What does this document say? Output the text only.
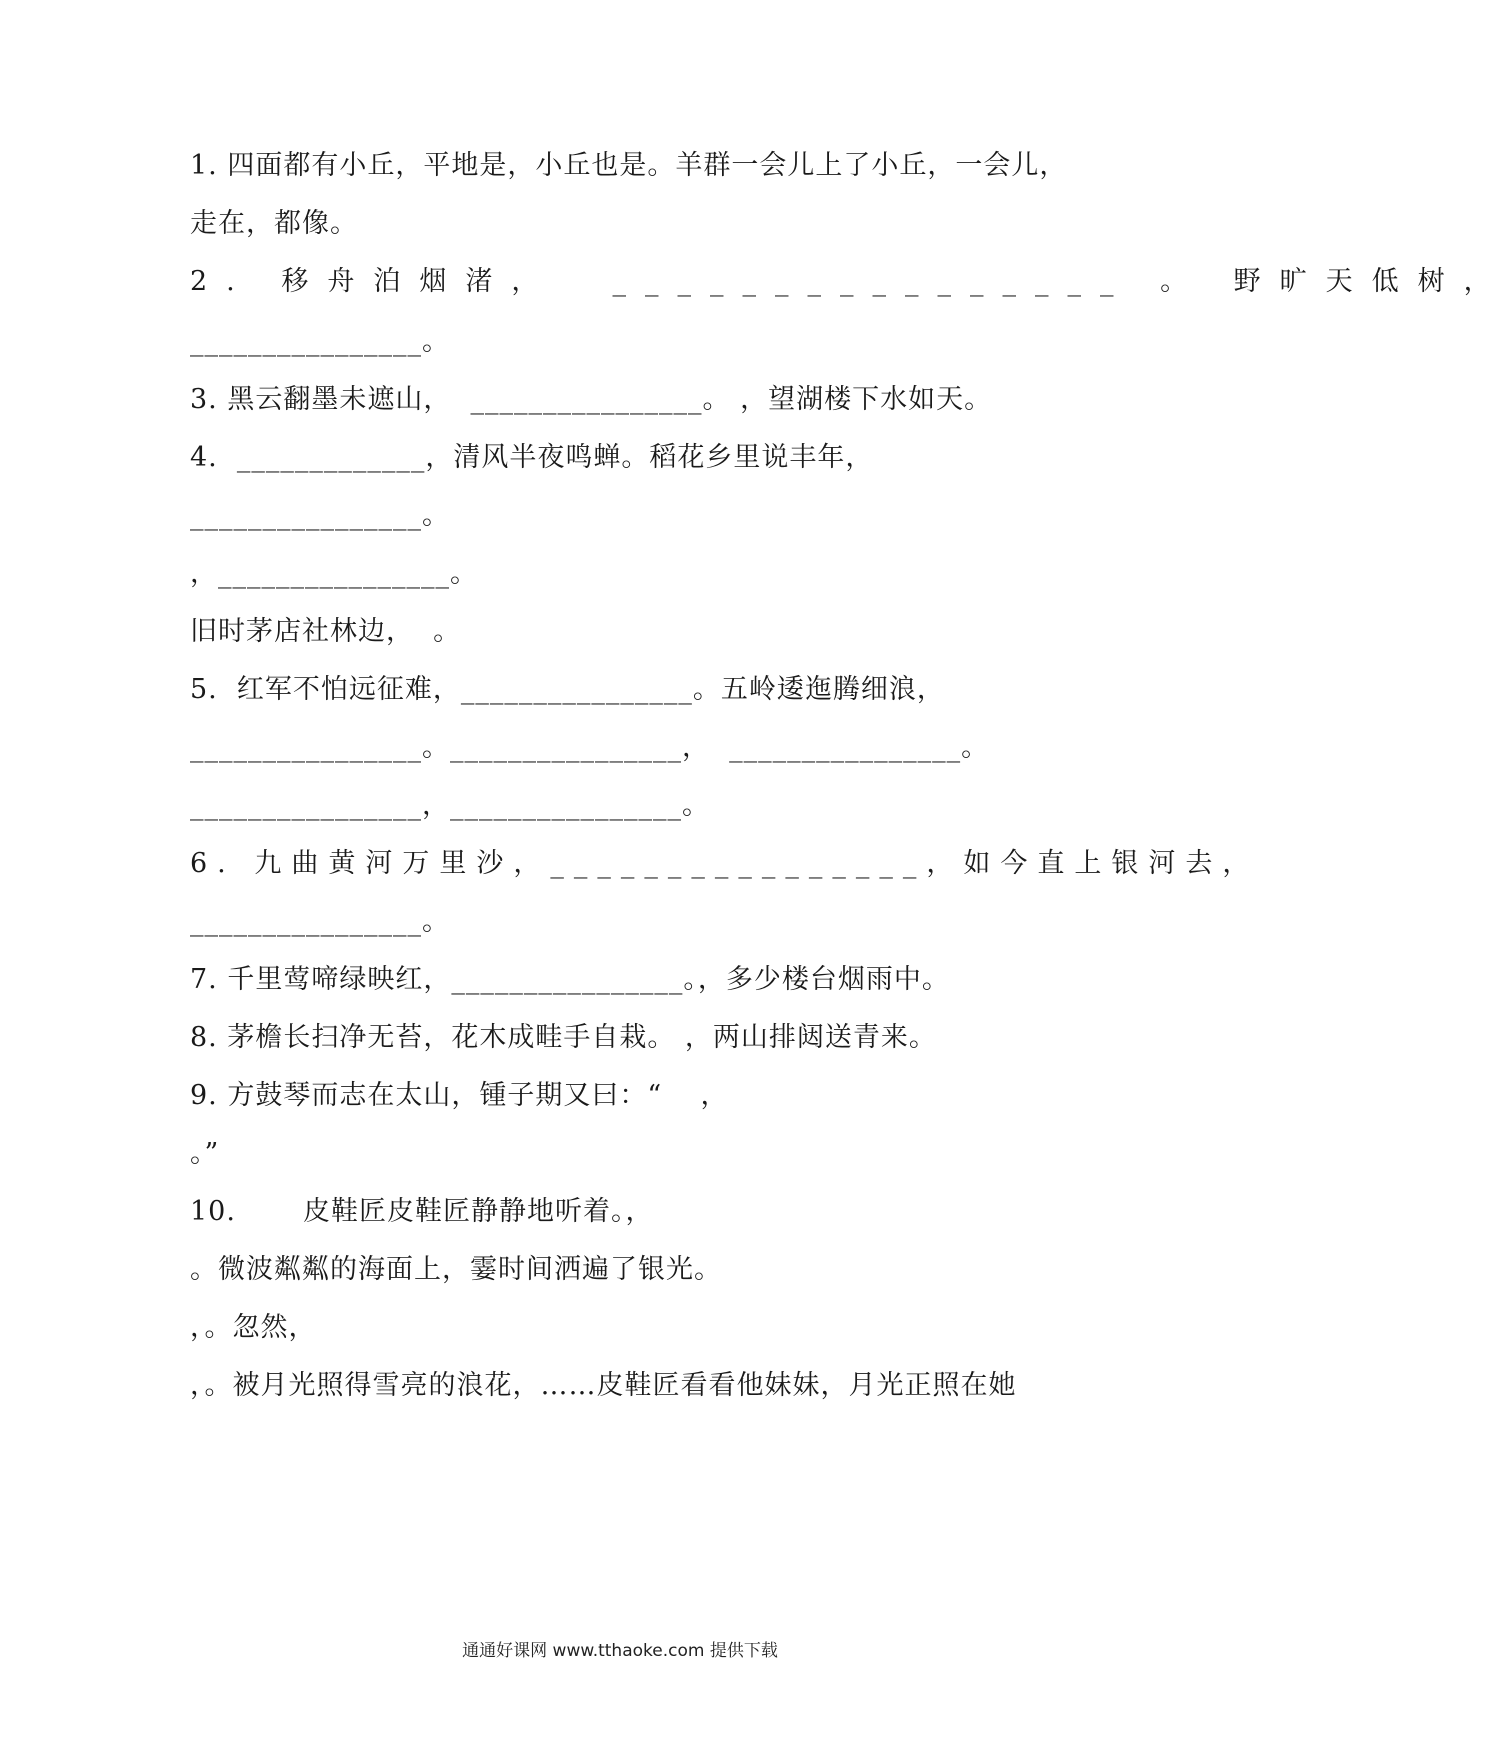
1. 四面都有小丘，平地是，小丘也是。羊群一会儿上了小丘，一会儿，
走在，都像。
2. 移舟泊烟渚，  ________________ 。 野旷天低树，
________________。
3. 黑云翻墨未遮山，  ________________。 ，望湖楼下水如天。
4.  _____________，清风半夜鸣蝉。稻花乡里说丰年，
________________。
，________________。
旧时茅店社林边，  。
5.  红军不怕远征难，________________。五岭逶迤腾细浪，
________________。________________，  ________________。
________________，________________。
6. 九曲黄河万里沙，________________，如今直上银河去，
________________。
7. 千里莺啼绿映红，________________。，多少楼台烟雨中。
8. 茅檐长扫净无苔，花木成畦手自栽。 ，两山排闼送青来。
9. 方鼓琴而志在太山，锺子期又曰：“    ，
。”
10.       皮鞋匠皮鞋匠静静地听着。，
。微波粼粼的海面上，霎时间洒遍了银光。
，。忽然，
，。被月光照得雪亮的浪花，……皮鞋匠看看他妹妹，月光正照在她
通通好课网 www.tthaoke.com 提供下载
